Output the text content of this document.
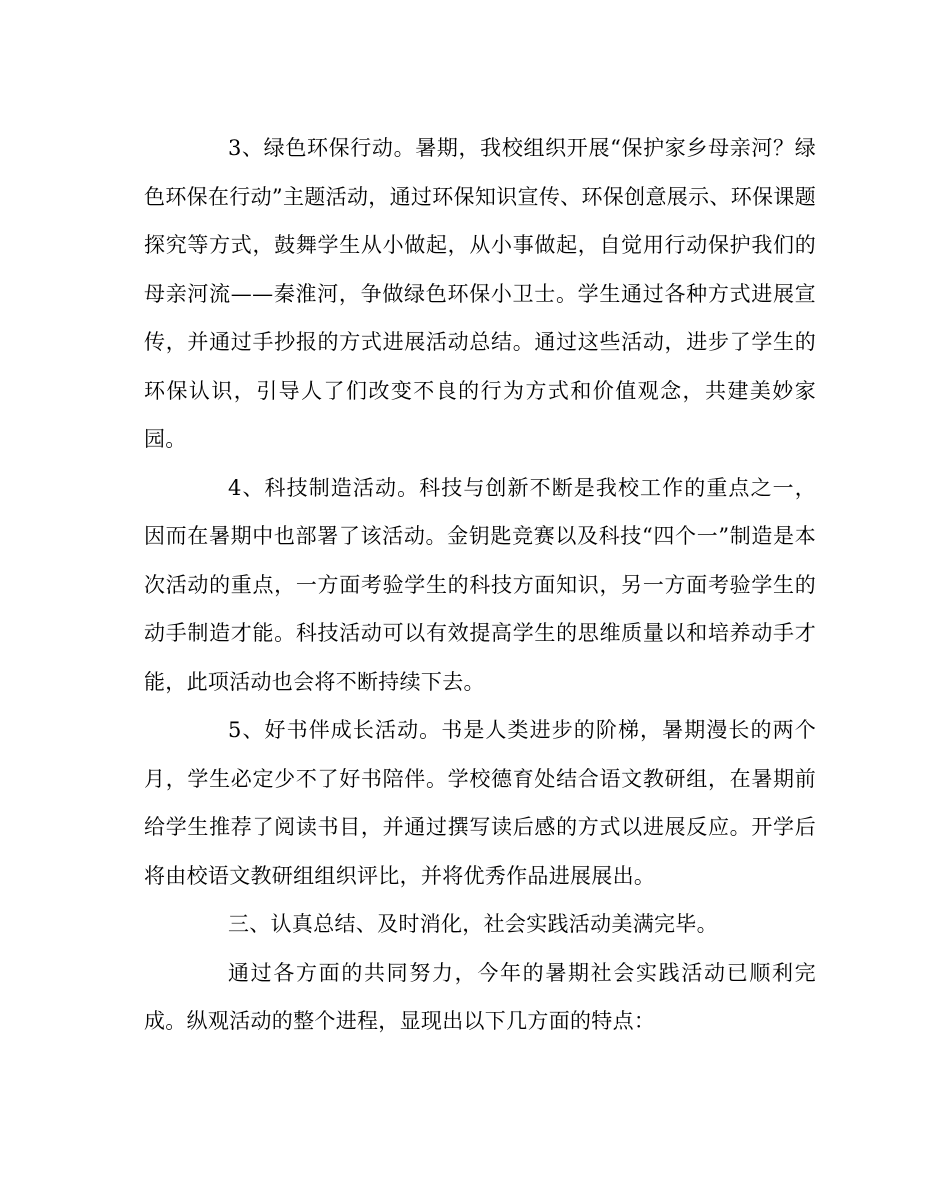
3、绿色环保行动。暑期，我校组织开展“保护家乡母亲河？绿色环保在行动”主题活动，通过环保知识宣传、环保创意展示、环保课题探究等方式，鼓舞学生从小做起，从小事做起，自觉用行动保护我们的母亲河流——秦淮河，争做绿色环保小卫士。学生通过各种方式进展宣传，并通过手抄报的方式进展活动总结。通过这些活动，进步了学生的环保认识，引导人了们改变不良的行为方式和价值观念，共建美妙家园。

4、科技制造活动。科技与创新不断是我校工作的重点之一，因而在暑期中也部署了该活动。金钥匙竞赛以及科技“四个一”制造是本次活动的重点，一方面考验学生的科技方面知识，另一方面考验学生的动手制造才能。科技活动可以有效提高学生的思维质量以和培养动手才能，此项活动也会将不断持续下去。

5、好书伴成长活动。书是人类进步的阶梯，暑期漫长的两个月，学生必定少不了好书陪伴。学校德育处结合语文教研组，在暑期前给学生推荐了阅读书目，并通过撰写读后感的方式以进展反应。开学后将由校语文教研组组织评比，并将优秀作品进展展出。

三、认真总结、及时消化，社会实践活动美满完毕。

通过各方面的共同努力，今年的暑期社会实践活动已顺利完成。纵观活动的整个进程，显现出以下几方面的特点：
